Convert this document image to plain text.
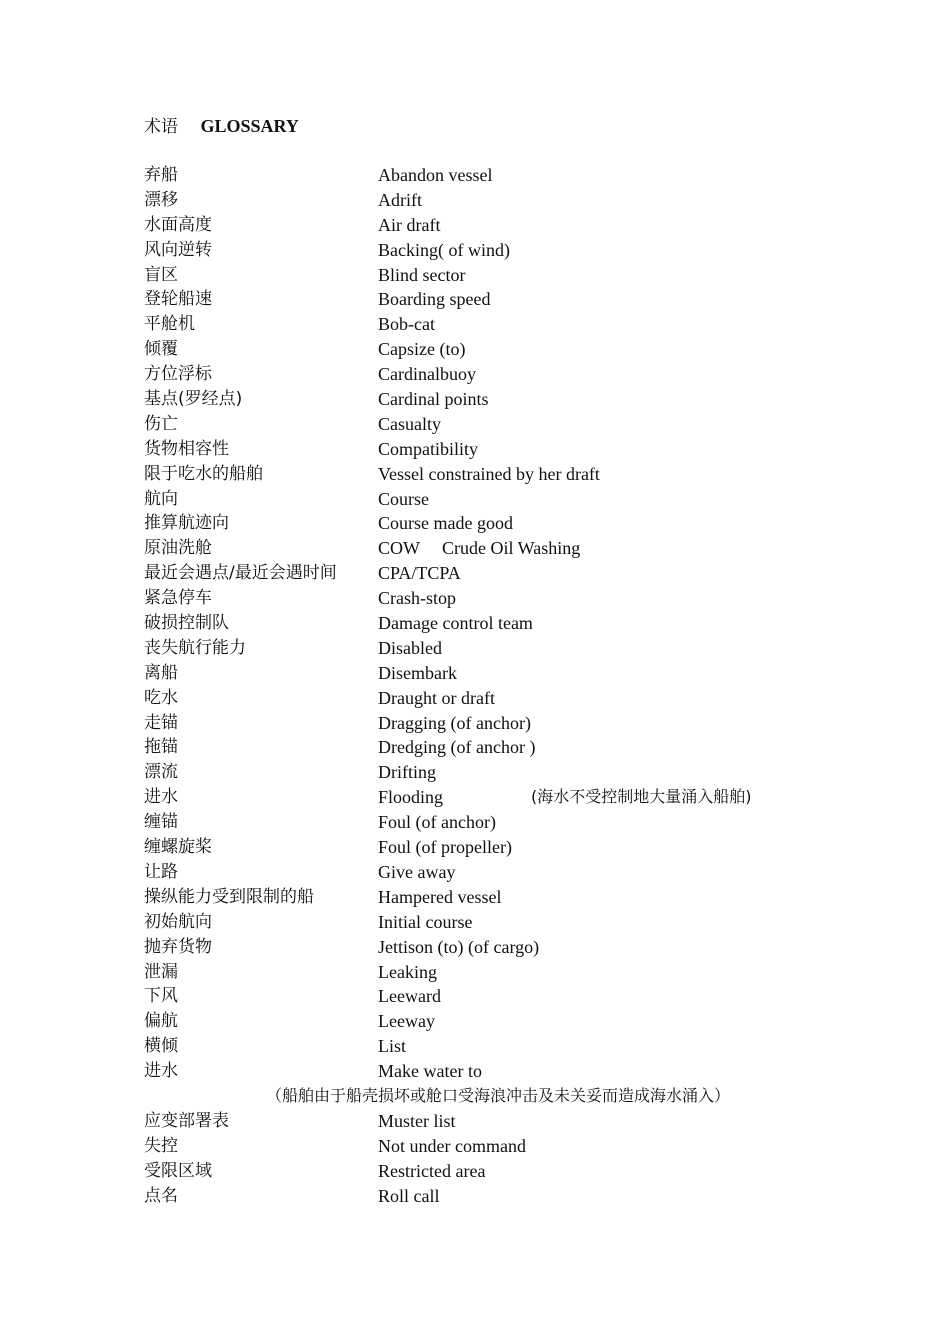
术语 GLOSSARY
弃船	Abandon vessel
漂移	Adrift
水面高度	Air draft
风向逆转	Backing( of wind)
盲区	Blind sector
登轮船速	Boarding speed
平舱机	Bob-cat
倾覆	Capsize (to)
方位浮标	Cardinalbuoy
基点(罗经点)	Cardinal points
伤亡	Casualty
货物相容性	Compatibility
限于吃水的船舶	Vessel constrained by her draft
航向	Course
推算航迹向	Course made good
原油洗舱	COW Crude Oil Washing
最近会遇点/最近会遇时间 CPA/TCPA
紧急停车	Crash-stop
破损控制队	Damage control team
丧失航行能力	Disabled
离船	Disembark
吃水	Draught or draft
走锚	Dragging (of anchor)
拖锚	Dredging (of anchor )
漂流	Drifting
进水	Flooding	(海水不受控制地大量涌入船舶)
缠锚	Foul (of anchor)
缠螺旋桨	Foul (of propeller)
让路	Give away
操纵能力受到限制的船	Hampered vessel
初始航向	Initial course
抛弃货物	Jettison (to) (of cargo)
泄漏	Leaking
下风	Leeward
偏航	Leeway
横倾	List
进水	Make water to
（船舶由于船壳损坏或舱口受海浪冲击及未关妥而造成海水涌入）
应变部署表	Muster list
失控	Not under command
受限区域	Restricted area
点名	Roll call
